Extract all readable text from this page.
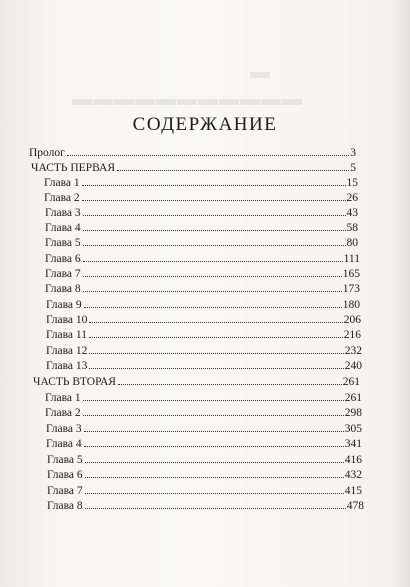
▬▬▬▬▬▬▬▬▬▬▬
СОДЕРЖАНИЕ
Пролог	3
ЧАСТЬ ПЕРВАЯ	5
Глава 1	15
Глава 2	26
Глава 3	43
Глава 4	58
Глава 5	80
Глава 6	111
Глава 7	165
Глава 8	173
Глава 9	180
Глава 10	206
Глава 11	216
Глава 12	232
Глава 13	240
ЧАСТЬ ВТОРАЯ	261
Глава 1	261
Глава 2	298
Глава 3	305
Глава 4	341
Глава 5	416
Глава 6	432
Глава 7	415
Глава 8	478
